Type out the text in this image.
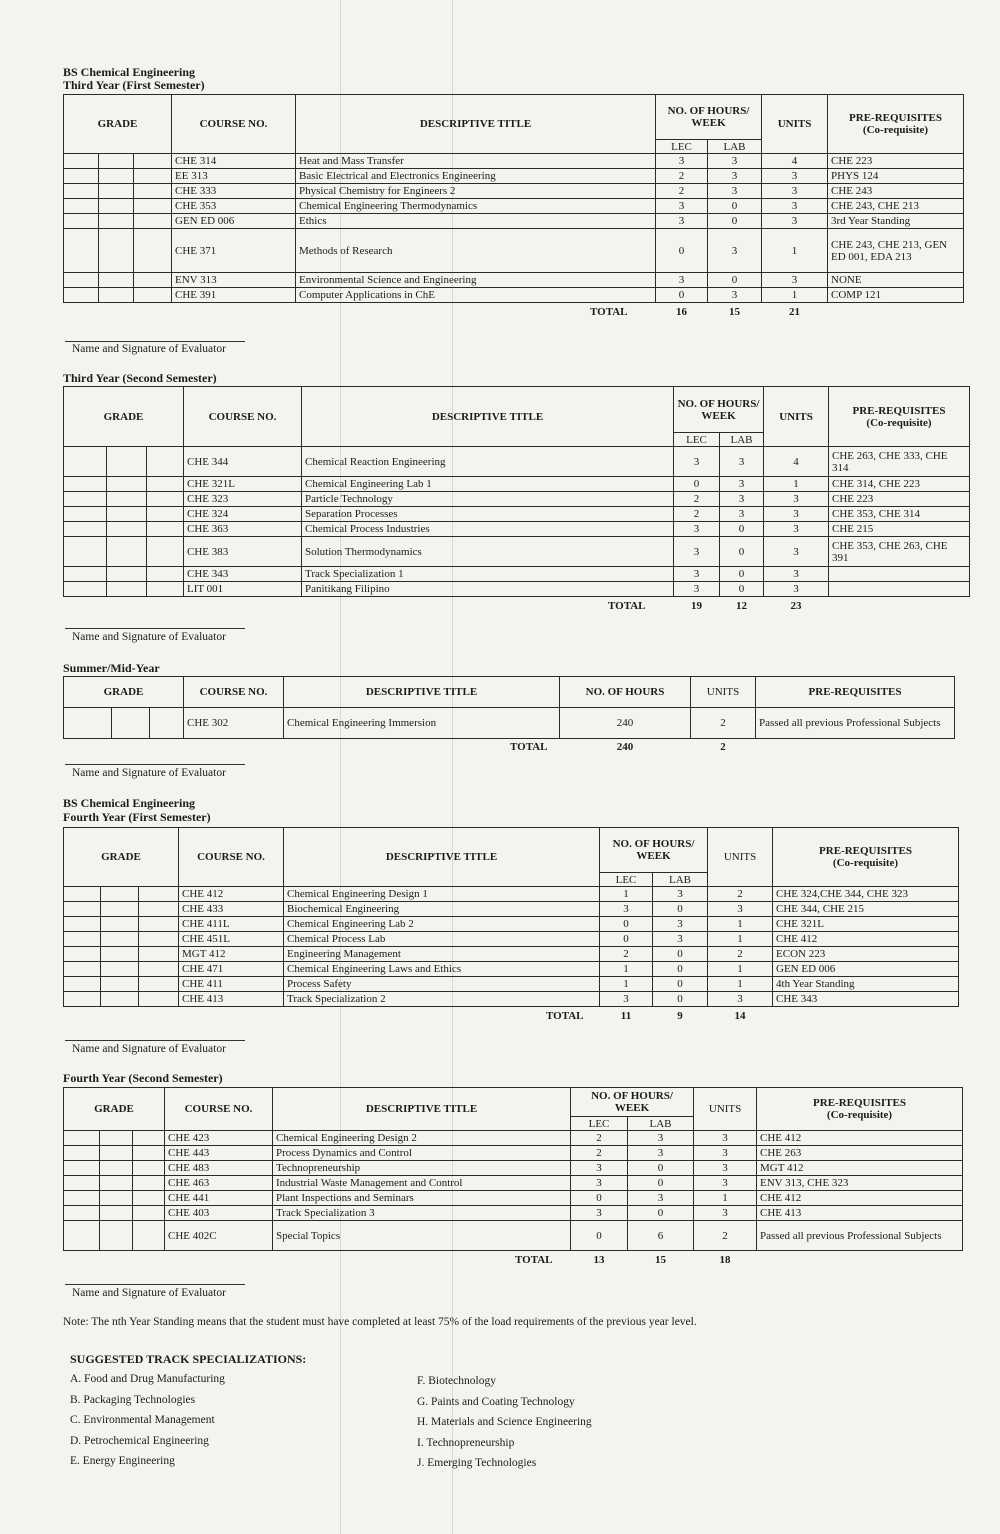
BS Chemical Engineering
Third Year (First Semester)
GRADE			COURSE NO.	DESCRIPTIVE TITLE	NO. OF HOURS/ WEEK		UNITS	PRE-REQUISITES
(Co-requisite)
					LEC	LAB		
			CHE 314	Heat and Mass Transfer	3	3	4	CHE 223
			EE 313	Basic Electrical and Electronics Engineering	2	3	3	PHYS 124
			CHE 333	Physical Chemistry for Engineers 2	2	3	3	CHE 243
			CHE 353	Chemical Engineering Thermodynamics	3	0	3	CHE 243, CHE 213
			GEN ED 006	Ethics	3	0	3	3rd Year Standing
			CHE 371	Methods of Research	0	3	1	CHE 243, CHE 213, GEN ED 001, EDA 213
			ENV 313	Environmental Science and Engineering	3	0	3	NONE
			CHE 391	Computer Applications in ChE	0	3	1	COMP 121
TOTAL					16	15	21	
Name and Signature of Evaluator
Third Year (Second Semester)
GRADE			COURSE NO.	DESCRIPTIVE TITLE	NO. OF HOURS/ WEEK		UNITS	PRE-REQUISITES
(Co-requisite)
					LEC	LAB		
			CHE 344	Chemical Reaction Engineering	3	3	4	CHE 263, CHE 333, CHE 314
			CHE 321L	Chemical Engineering Lab 1	0	3	1	CHE 314, CHE 223
			CHE 323	Particle Technology	2	3	3	CHE 223
			CHE 324	Separation Processes	2	3	3	CHE 353, CHE 314
			CHE 363	Chemical Process Industries	3	0	3	CHE 215
			CHE 383	Solution Thermodynamics	3	0	3	CHE 353, CHE 263, CHE 391
			CHE 343	Track Specialization 1	3	0	3	
			LIT 001	Panitikang Filipino	3	0	3	
TOTAL					19	12	23	
Name and Signature of Evaluator
Summer/Mid-Year
GRADE			COURSE NO.	DESCRIPTIVE TITLE	NO. OF HOURS	UNITS	PRE-REQUISITES
			CHE 302	Chemical Engineering Immersion	240	2	Passed all previous Professional Subjects
TOTAL					240	2	
Name and Signature of Evaluator
BS Chemical Engineering
Fourth Year (First Semester)
GRADE			COURSE NO.	DESCRIPTIVE TITLE	NO. OF HOURS/ WEEK		UNITS	PRE-REQUISITES
(Co-requisite)
					LEC	LAB		
			CHE 412	Chemical Engineering Design 1	1	3	2	CHE 324,CHE 344, CHE 323
			CHE 433	Biochemical Engineering	3	0	3	CHE 344, CHE 215
			CHE 411L	Chemical Engineering Lab 2	0	3	1	CHE 321L
			CHE 451L	Chemical Process Lab	0	3	1	CHE 412
			MGT 412	Engineering Management	2	0	2	ECON 223
			CHE 471	Chemical Engineering Laws and Ethics	1	0	1	GEN ED 006
			CHE 411	Process Safety	1	0	1	4th Year Standing
			CHE 413	Track Specialization 2	3	0	3	CHE 343
TOTAL					11	9	14	
Name and Signature of Evaluator
Fourth Year (Second Semester)
GRADE			COURSE NO.	DESCRIPTIVE TITLE	NO. OF HOURS/ WEEK		UNITS	PRE-REQUISITES
(Co-requisite)
					LEC	LAB		
			CHE 423	Chemical Engineering Design 2	2	3	3	CHE 412
			CHE 443	Process Dynamics and Control	2	3	3	CHE 263
			CHE 483	Technopreneurship	3	0	3	MGT 412
			CHE 463	Industrial Waste Management and Control	3	0	3	ENV 313, CHE 323
			CHE 441	Plant Inspections and Seminars	0	3	1	CHE 412
			CHE 403	Track Specialization 3	3	0	3	CHE 413
			CHE 402C	Special Topics	0	6	2	Passed all previous Professional Subjects
TOTAL					13	15	18	
Name and Signature of Evaluator
Note: The nth Year Standing means that the student must have completed at least 75% of the load requirements of the previous year level.
SUGGESTED TRACK SPECIALIZATIONS:
A. Food and Drug Manufacturing
B. Packaging Technologies
C. Environmental Management
D. Petrochemical Engineering
E. Energy Engineering
F. Biotechnology
G. Paints and Coating Technology
H. Materials and Science Engineering
I. Technopreneurship
J. Emerging Technologies
